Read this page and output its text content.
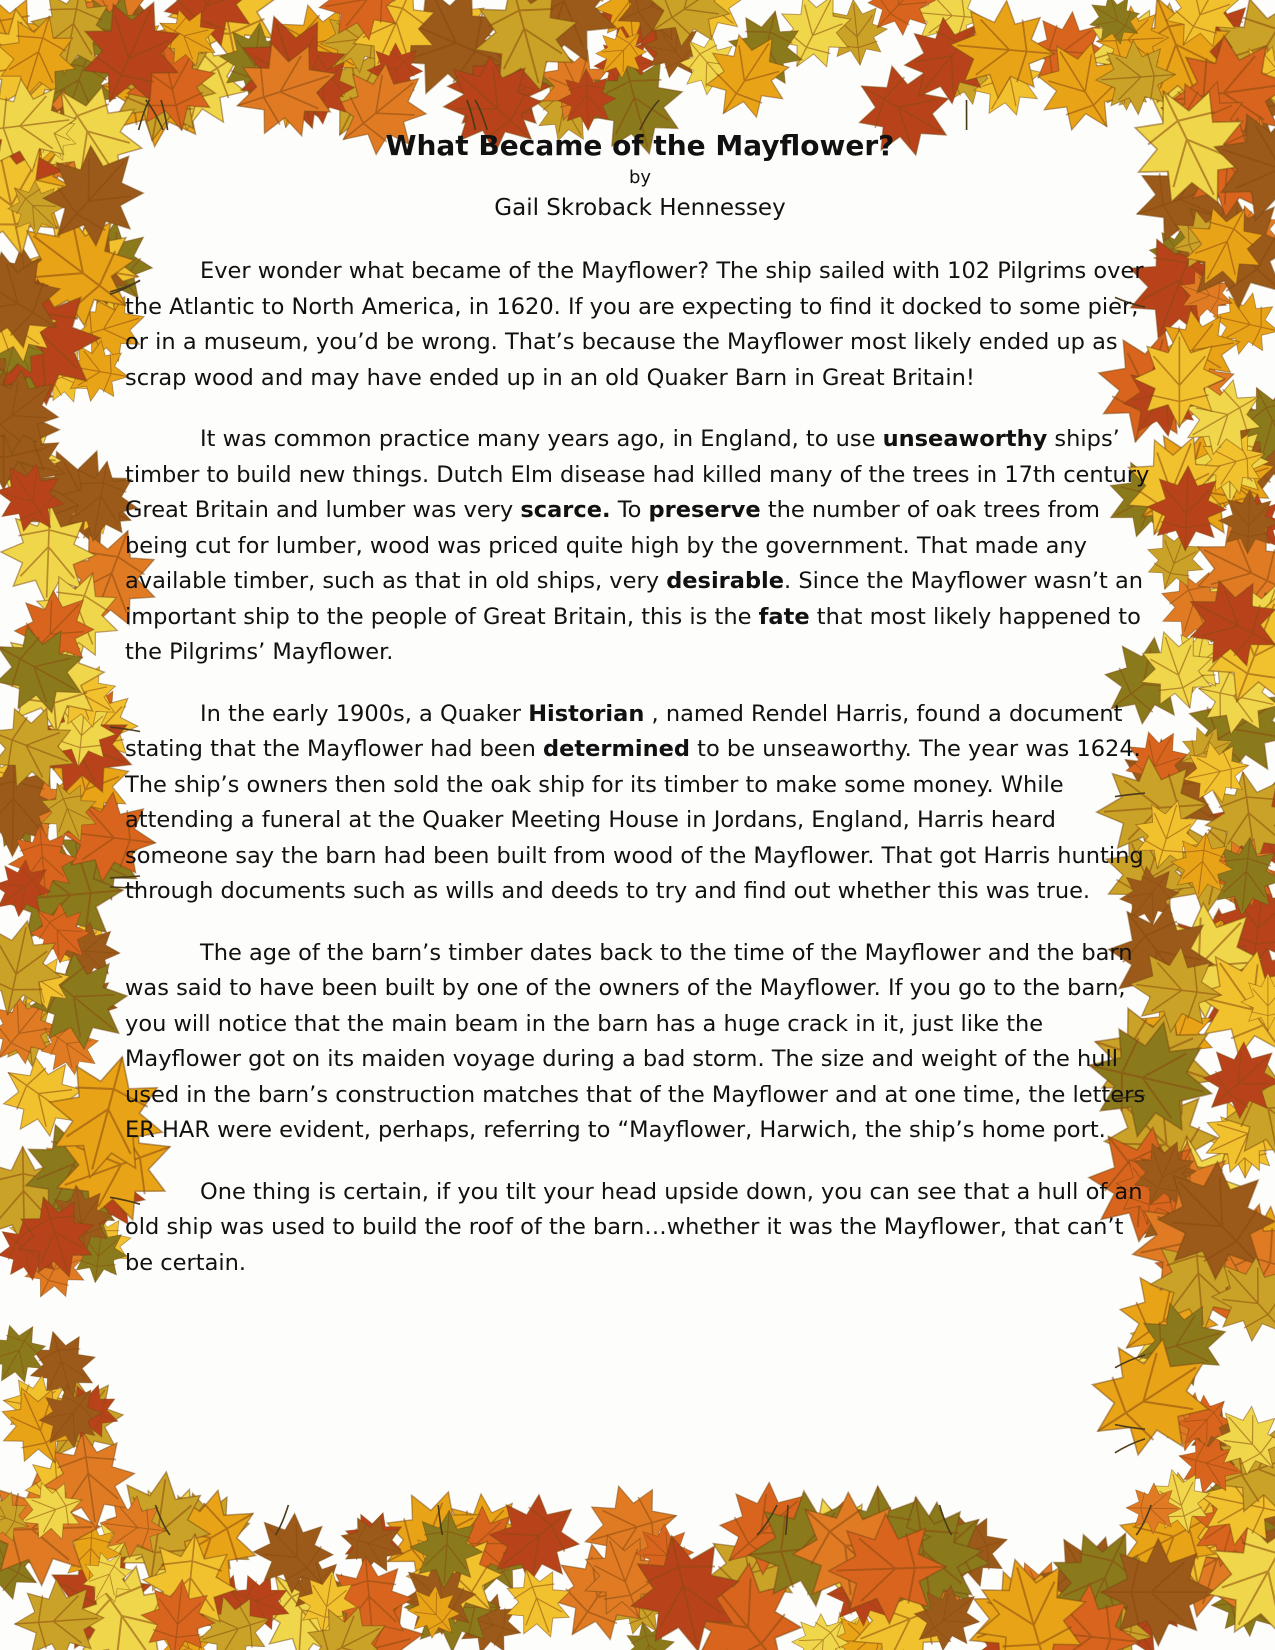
What Became of the Mayflower?

by

Gail Skroback Hennessey

Ever wonder what became of the Mayflower? The ship sailed with 102 Pilgrims over the Atlantic to North America, in 1620. If you are expecting to find it docked to some pier, or in a museum, you’d be wrong. That’s because the Mayflower most likely ended up as scrap wood and may have ended up in an old Quaker Barn in Great Britain!

It was common practice many years ago, in England, to use unseaworthy ships’ timber to build new things. Dutch Elm disease had killed many of the trees in 17th century Great Britain and lumber was very scarce. To preserve the number of oak trees from being cut for lumber, wood was priced quite high by the government. That made any available timber, such as that in old ships, very desirable. Since the Mayflower wasn’t an important ship to the people of Great Britain, this is the fate that most likely happened to the Pilgrims’ Mayflower.

In the early 1900s, a Quaker Historian , named Rendel Harris, found a document stating that the Mayflower had been determined to be unseaworthy. The year was 1624. The ship’s owners then sold the oak ship for its timber to make some money. While attending a funeral at the Quaker Meeting House in Jordans, England, Harris heard someone say the barn had been built from wood of the Mayflower. That got Harris hunting through documents such as wills and deeds to try and find out whether this was true.

The age of the barn’s timber dates back to the time of the Mayflower and the barn was said to have been built by one of the owners of the Mayflower. If you go to the barn, you will notice that the main beam in the barn has a huge crack in it, just like the Mayflower got on its maiden voyage during a bad storm. The size and weight of the hull used in the barn’s construction matches that of the Mayflower and at one time, the letters ER HAR were evident, perhaps, referring to “Mayflower, Harwich, the ship’s home port.

One thing is certain, if you tilt your head upside down, you can see that a hull of an old ship was used to build the roof of the barn…whether it was the Mayflower, that can’t be certain.
